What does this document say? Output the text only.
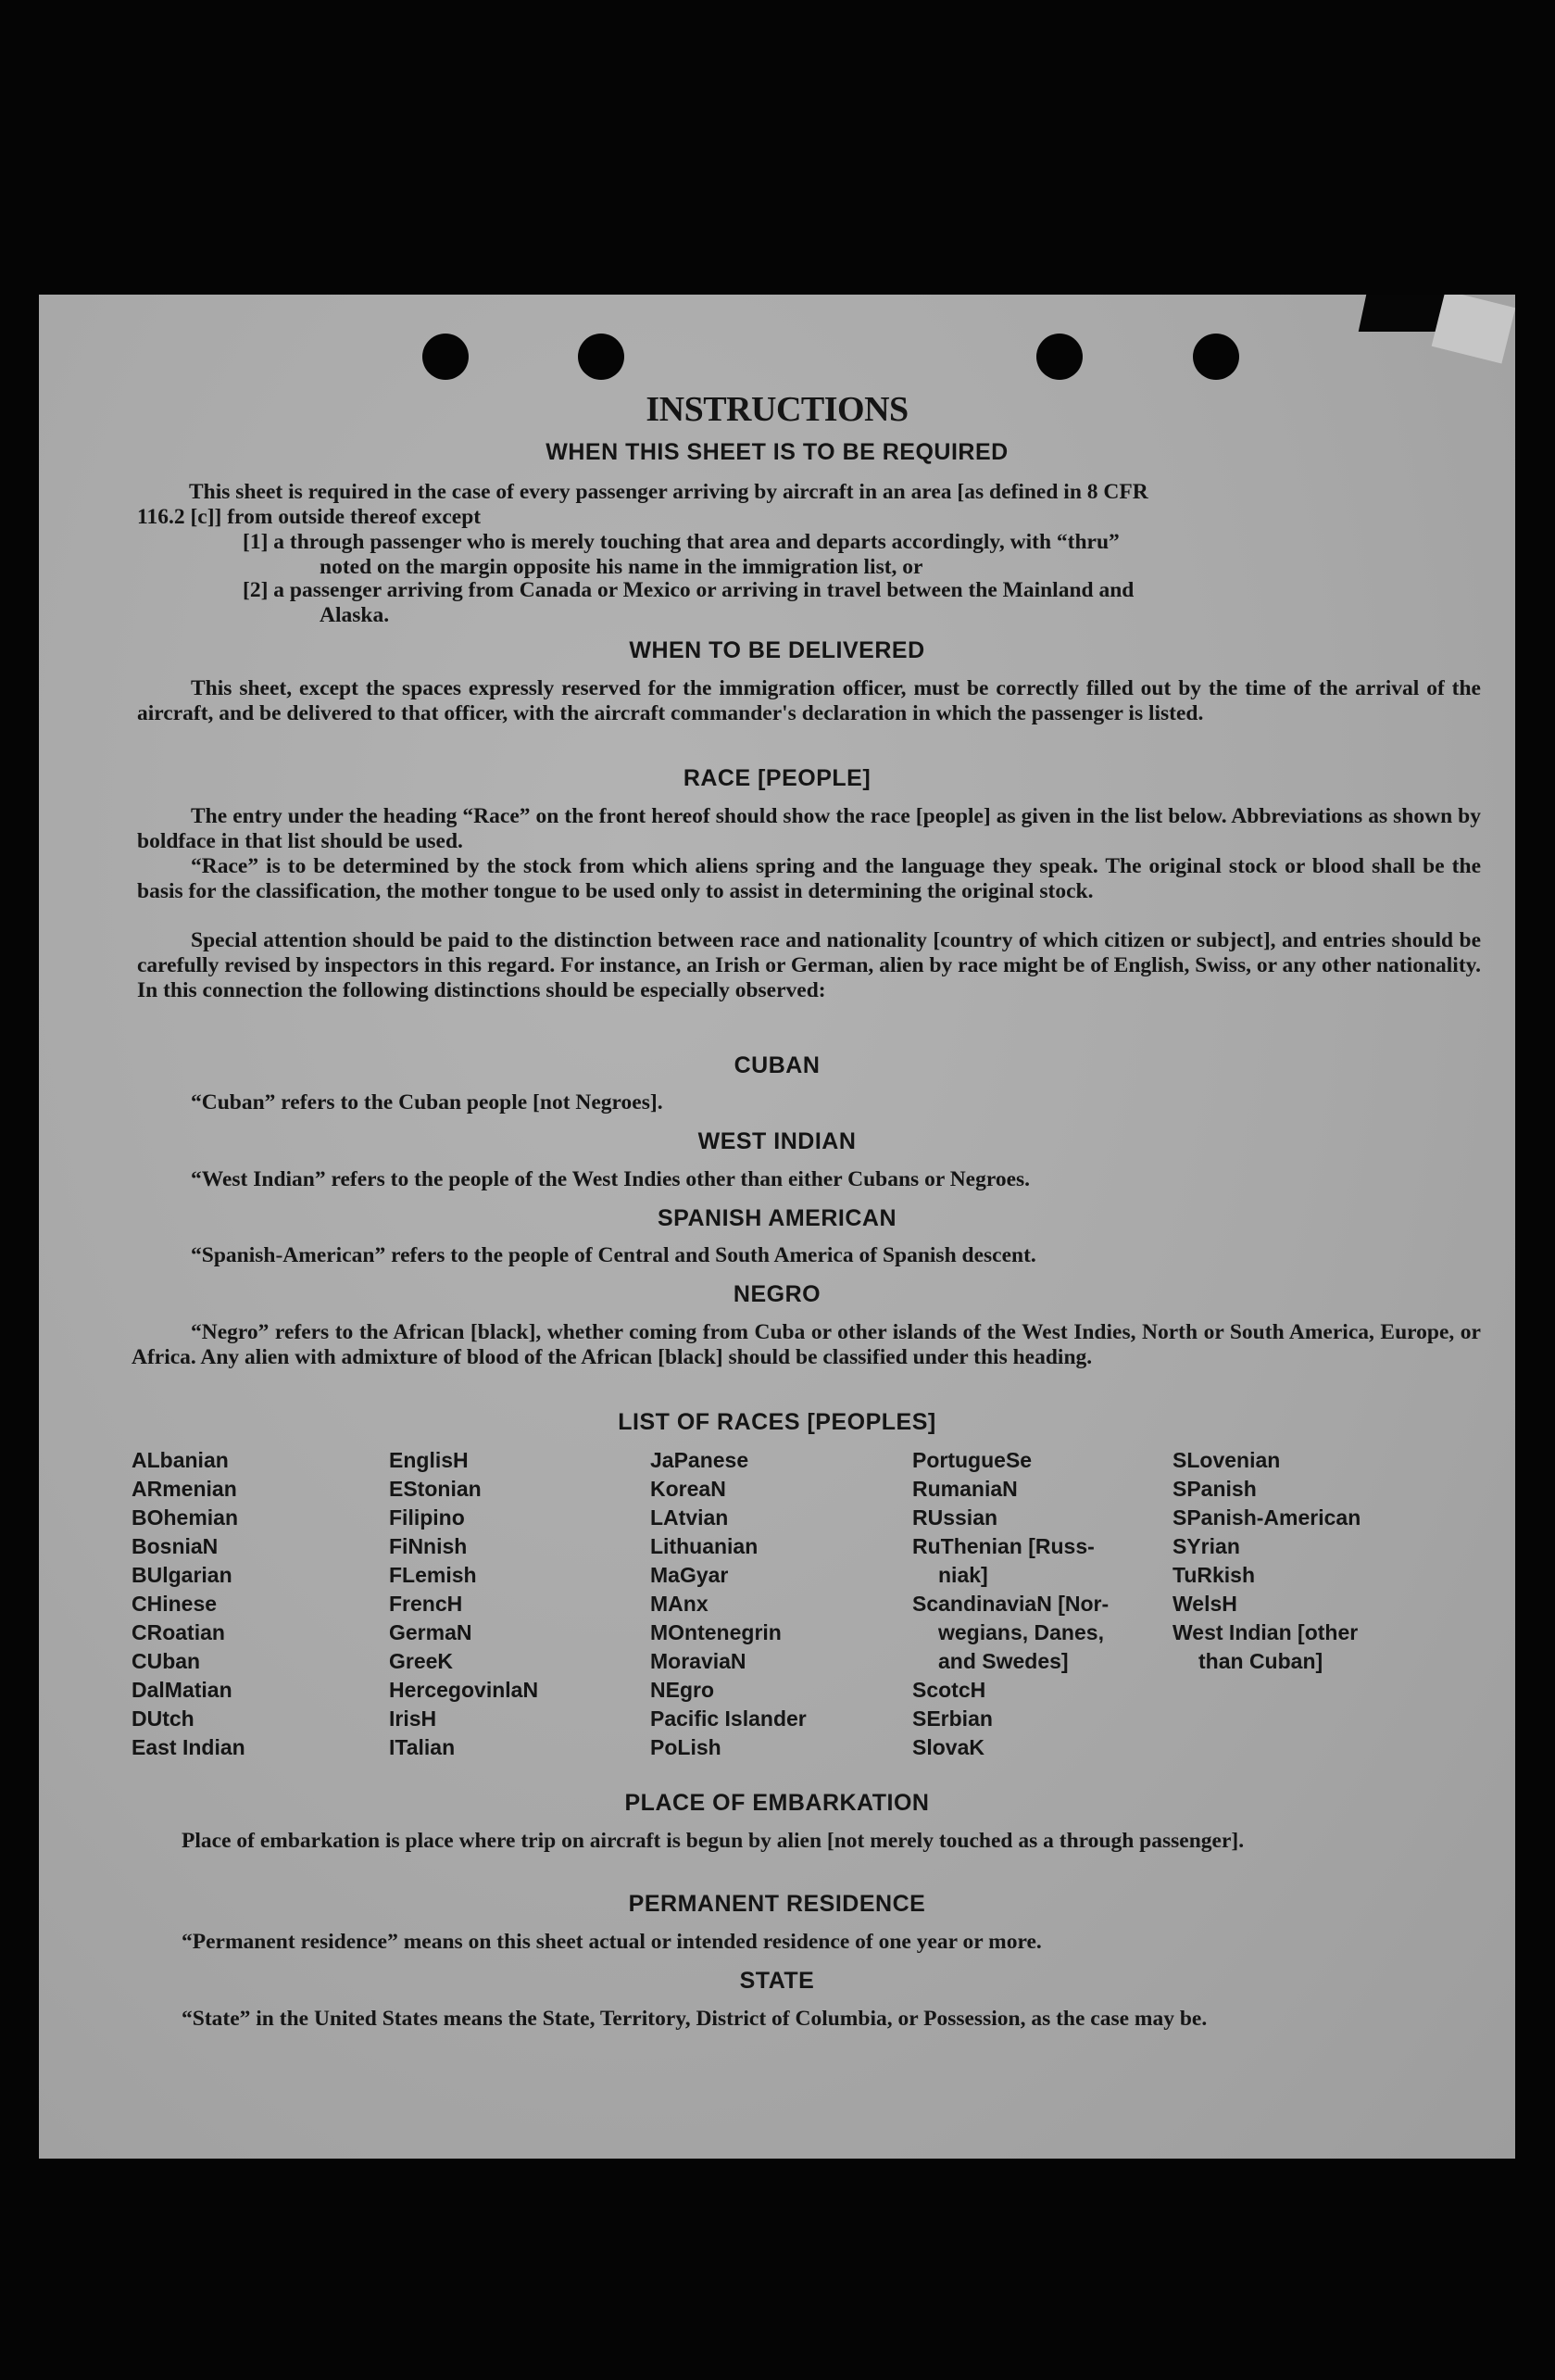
INSTRUCTIONS
WHEN THIS SHEET IS TO BE REQUIRED
This sheet is required in the case of every passenger arriving by aircraft in an area [as defined in 8 CFR
116.2 [c]] from outside thereof except
[1] a through passenger who is merely touching that area and departs accordingly, with “thru”
noted on the margin opposite his name in the immigration list, or
[2] a passenger arriving from Canada or Mexico or arriving in travel between the Mainland and
Alaska.
WHEN TO BE DELIVERED
This sheet, except the spaces expressly reserved for the immigration officer, must be correctly filled out by the time of the arrival of the aircraft, and be delivered to that officer, with the aircraft commander's declaration in which the passenger is listed.
RACE [PEOPLE]
The entry under the heading “Race” on the front hereof should show the race [people] as given in the list below. Abbreviations as shown by boldface in that list should be used.
“Race” is to be determined by the stock from which aliens spring and the language they speak. The original stock or blood shall be the basis for the classification, the mother tongue to be used only to assist in determining the original stock.
Special attention should be paid to the distinction between race and nationality [country of which citizen or subject], and entries should be carefully revised by inspectors in this regard. For instance, an Irish or German, alien by race might be of English, Swiss, or any other nationality. In this connection the following distinctions should be especially observed:
CUBAN
“Cuban” refers to the Cuban people [not Negroes].
WEST INDIAN
“West Indian” refers to the people of the West Indies other than either Cubans or Negroes.
SPANISH AMERICAN
“Spanish-American” refers to the people of Central and South America of Spanish descent.
NEGRO
“Negro” refers to the African [black], whether coming from Cuba or other islands of the West Indies, North or South America, Europe, or Africa. Any alien with admixture of blood of the African [black] should be classified under this heading.
LIST OF RACES [PEOPLES]
ALbanian
ARmenian
BOhemian
BosniaN
BUlgarian
CHinese
CRoatian
CUban
DalMatian
DUtch
East Indian
EnglisH
EStonian
Filipino
FiNnish
FLemish
FrencH
GermaN
GreeK
HercegovinlaN
IrisH
ITalian
JaPanese
KoreaN
LAtvian
Lithuanian
MaGyar
MAnx
MOntenegrin
MoraviaN
NEgro
Pacific Islander
PoLish
PortugueSe
RumaniaN
RUssian
RuThenian [Russ-
niak]
ScandinaviaN [Nor-
wegians, Danes,
and Swedes]
ScotcH
SErbian
SlovaK
SLovenian
SPanish
SPanish-American
SYrian
TuRkish
WelsH
West Indian [other
than Cuban]
PLACE OF EMBARKATION
Place of embarkation is place where trip on aircraft is begun by alien [not merely touched as a through passenger].
PERMANENT RESIDENCE
“Permanent residence” means on this sheet actual or intended residence of one year or more.
STATE
“State” in the United States means the State, Territory, District of Columbia, or Possession, as the case may be.
